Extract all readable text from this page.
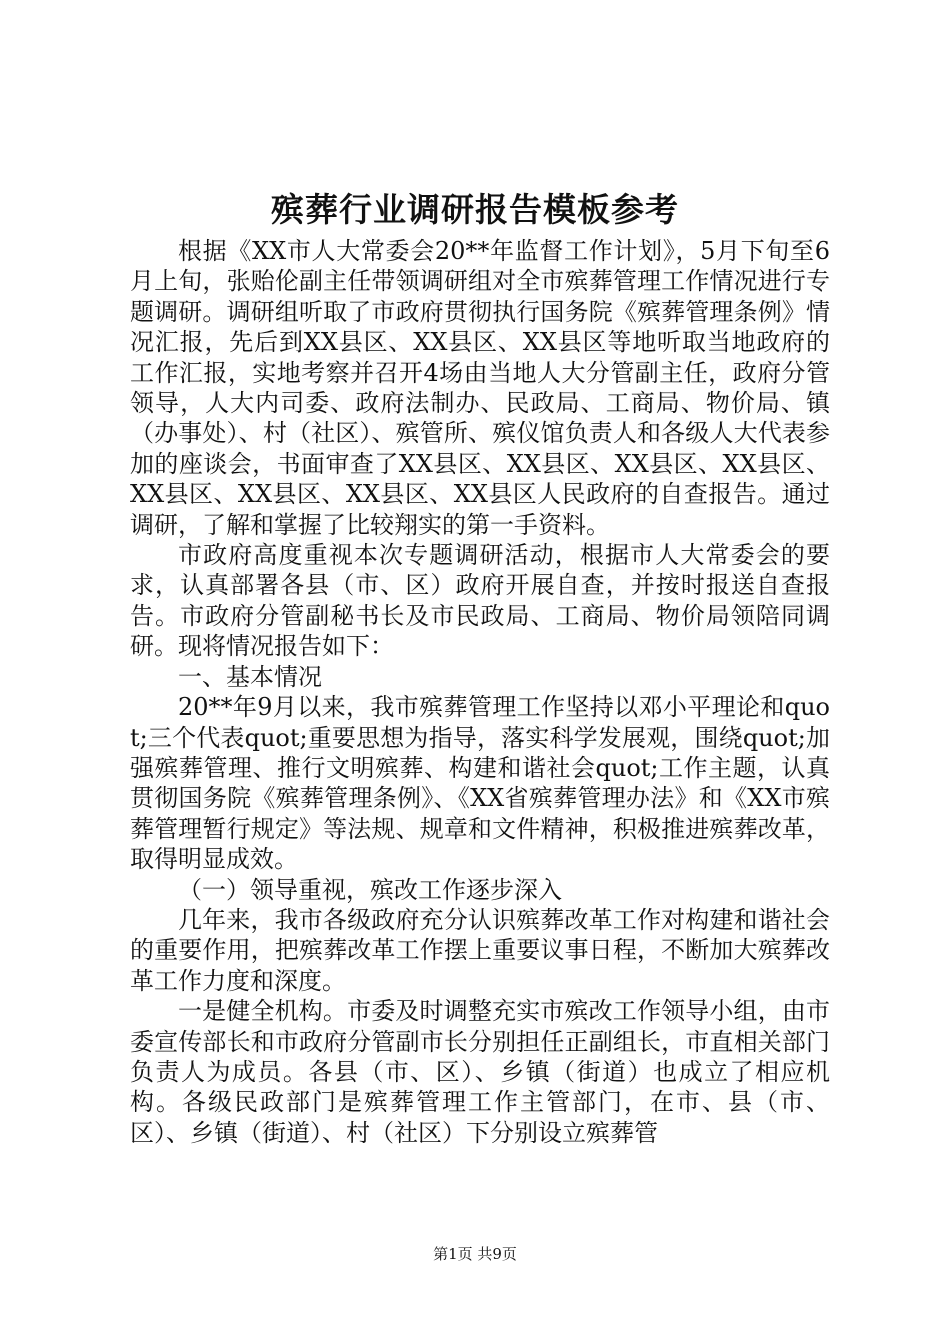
殡葬行业调研报告模板参考

根据《XX市人大常委会20**年监督工作计划》，5月下旬至6月上旬，张贻伦副主任带领调研组对全市殡葬管理工作情况进行专题调研。调研组听取了市政府贯彻执行国务院《殡葬管理条例》情况汇报，先后到XX县区、XX县区、XX县区等地听取当地政府的工作汇报，实地考察并召开4场由当地人大分管副主任，政府分管领导，人大内司委、政府法制办、民政局、工商局、物价局、镇（办事处）、村（社区）、殡管所、殡仪馆负责人和各级人大代表参加的座谈会，书面审查了XX县区、XX县区、XX县区、XX县区、XX县区、XX县区、XX县区、XX县区人民政府的自查报告。通过调研，了解和掌握了比较翔实的第一手资料。

市政府高度重视本次专题调研活动，根据市人大常委会的要求，认真部署各县（市、区）政府开展自查，并按时报送自查报告。市政府分管副秘书长及市民政局、工商局、物价局领陪同调研。现将情况报告如下：

一、基本情况

20**年9月以来，我市殡葬管理工作坚持以邓小平理论和quot;三个代表quot;重要思想为指导，落实科学发展观，围绕quot;加强殡葬管理、推行文明殡葬、构建和谐社会quot;工作主题，认真贯彻国务院《殡葬管理条例》、《XX省殡葬管理办法》和《XX市殡葬管理暂行规定》等法规、规章和文件精神，积极推进殡葬改革，取得明显成效。

（一）领导重视，殡改工作逐步深入

几年来，我市各级政府充分认识殡葬改革工作对构建和谐社会的重要作用，把殡葬改革工作摆上重要议事日程，不断加大殡葬改革工作力度和深度。

一是健全机构。市委及时调整充实市殡改工作领导小组，由市委宣传部长和市政府分管副市长分别担任正副组长，市直相关部门负责人为成员。各县（市、区）、乡镇（街道）也成立了相应机构。各级民政部门是殡葬管理工作主管部门，在市、县（市、区）、乡镇（街道）、村（社区）下分别设立殡葬管

第1页 共9页
